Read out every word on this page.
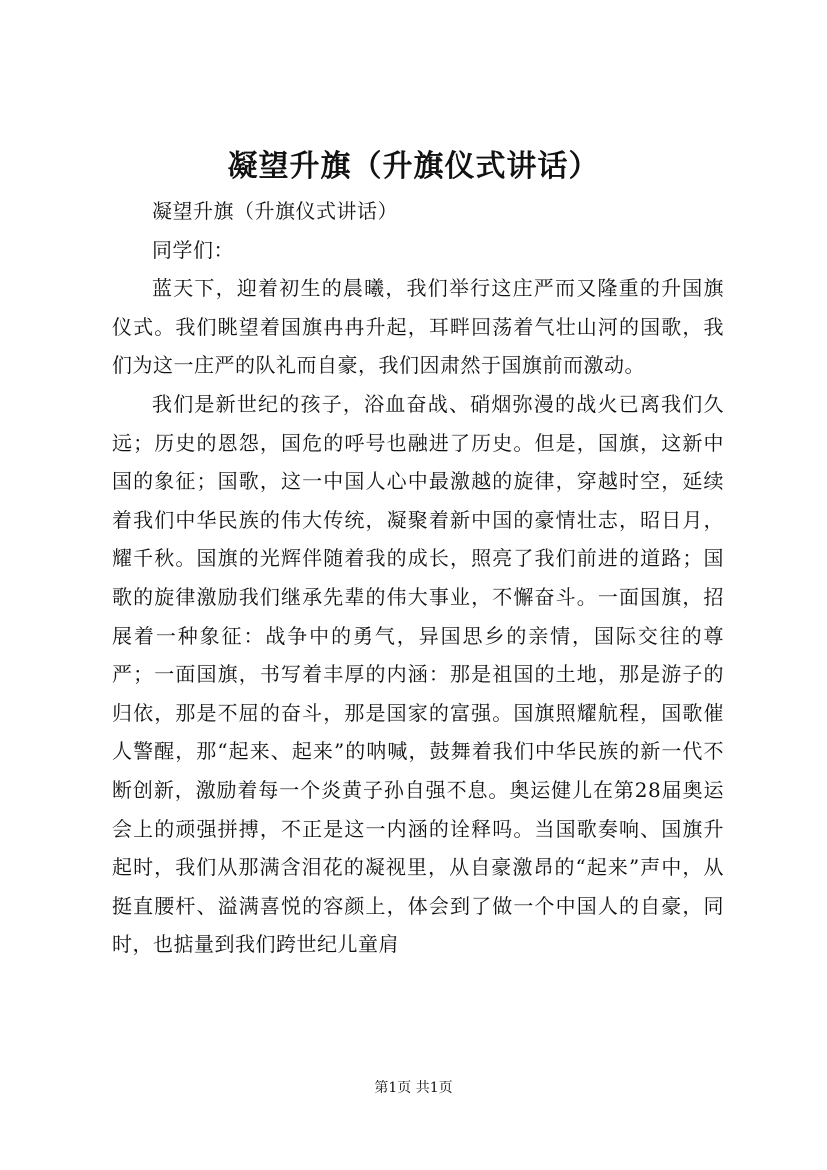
凝望升旗（升旗仪式讲话）

凝望升旗（升旗仪式讲话）

同学们：

蓝天下，迎着初生的晨曦，我们举行这庄严而又隆重的升国旗仪式。我们眺望着国旗冉冉升起，耳畔回荡着气壮山河的国歌，我们为这一庄严的队礼而自豪，我们因肃然于国旗前而激动。

我们是新世纪的孩子，浴血奋战、硝烟弥漫的战火已离我们久远；历史的恩怨，国危的呼号也融进了历史。但是，国旗，这新中国的象征；国歌，这一中国人心中最激越的旋律，穿越时空，延续着我们中华民族的伟大传统，凝聚着新中国的豪情壮志，昭日月，耀千秋。国旗的光辉伴随着我的成长，照亮了我们前进的道路；国歌的旋律激励我们继承先辈的伟大事业，不懈奋斗。一面国旗，招展着一种象征：战争中的勇气，异国思乡的亲情，国际交往的尊严；一面国旗，书写着丰厚的内涵：那是祖国的土地，那是游子的归依，那是不屈的奋斗，那是国家的富强。国旗照耀航程，国歌催人警醒，那“起来、起来”的呐喊，鼓舞着我们中华民族的新一代不断创新，激励着每一个炎黄子孙自强不息。奥运健儿在第28届奥运会上的顽强拼搏，不正是这一内涵的诠释吗。当国歌奏响、国旗升起时，我们从那满含泪花的凝视里，从自豪激昂的“起来”声中，从挺直腰杆、溢满喜悦的容颜上，体会到了做一个中国人的自豪，同时，也掂量到我们跨世纪儿童肩

第1页 共1页
